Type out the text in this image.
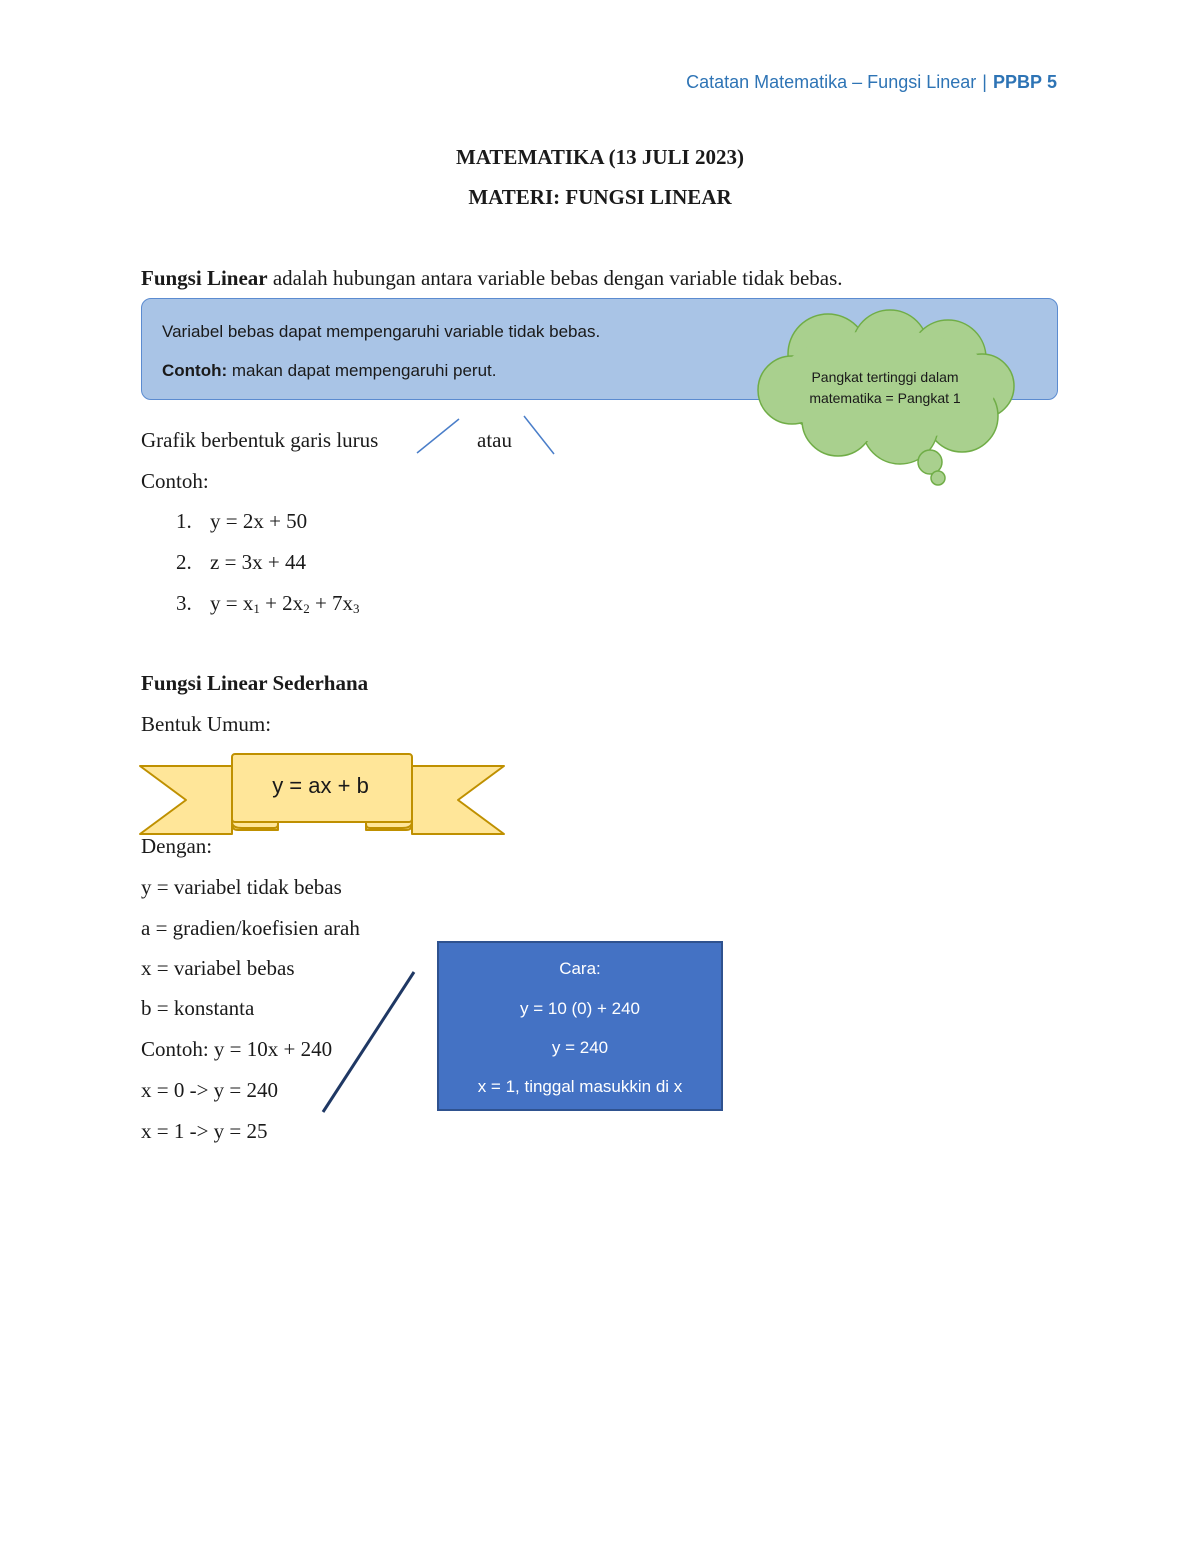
Catatan Matematika – Fungsi Linear | PPBP 5
MATEMATIKA (13 JULI 2023)
MATERI: FUNGSI LINEAR
Fungsi Linear adalah hubungan antara variable bebas dengan variable tidak bebas.
Variabel bebas dapat mempengaruhi variable tidak bebas.
Contoh: makan dapat mempengaruhi perut.	Pangkat tertinggi dalam
matematika = Pangkat 1
Grafik berbentuk garis lurus	atau
Contoh:
1. y = 2x + 50
2. z = 3x + 44
3. $y = x_1 + 2x_2 + 7x_3$
Fungsi Linear Sederhana
Bentuk Umum:
y = ax + b
Dengan:
y = variabel tidak bebas
a = gradien/koefisien arah
x = variabel bebas
b = konstanta
Contoh: y = 10x + 240
x = 0 -> y = 240
x = 1 -> y = 25
Cara:
y = 10 (0) + 240
y = 240
x = 1, tinggal masukkin di x
